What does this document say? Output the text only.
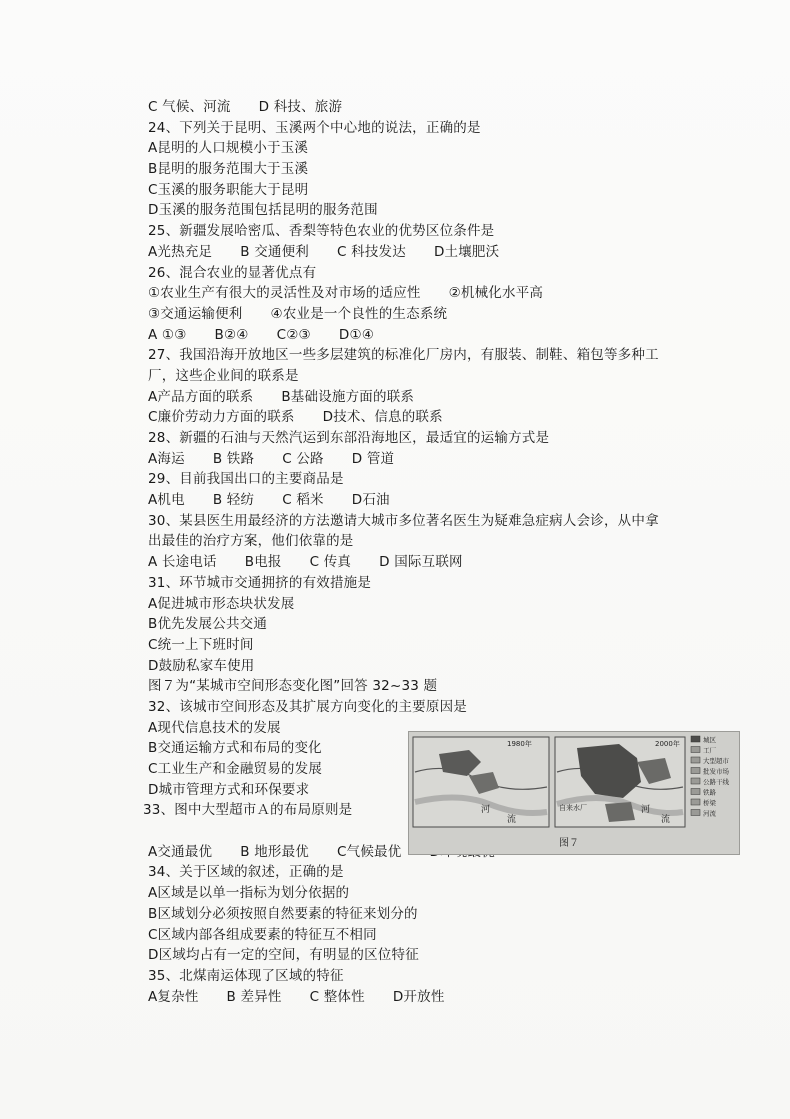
C 气候、河流 D 科技、旅游
24、下列关于昆明、玉溪两个中心地的说法，正确的是
A昆明的人口规模小于玉溪
B昆明的服务范围大于玉溪
C玉溪的服务职能大于昆明
D玉溪的服务范围包括昆明的服务范围
25、新疆发展哈密瓜、香梨等特色农业的优势区位条件是
A光热充足 B 交通便利 C 科技发达 D土壤肥沃
26、混合农业的显著优点有
①农业生产有很大的灵活性及对市场的适应性 ②机械化水平高
③交通运输便利 ④农业是一个良性的生态系统
A ①③ B②④ C②③ D①④
27、我国沿海开放地区一些多层建筑的标准化厂房内，有服装、制鞋、箱包等多种工
厂，这些企业间的联系是
A产品方面的联系 B基础设施方面的联系
C廉价劳动力方面的联系 D技术、信息的联系
28、新疆的石油与天然汽运到东部沿海地区，最适宜的运输方式是
A海运 B 铁路 C 公路 D 管道
29、目前我国出口的主要商品是
A机电 B 轻纺 C 稻米 D石油
30、某县医生用最经济的方法邀请大城市多位著名医生为疑难急症病人会诊，从中拿
出最佳的治疗方案，他们依靠的是
A 长途电话 B电报 C 传真 D 国际互联网
31、环节城市交通拥挤的有效措施是
A促进城市形态块状发展
B优先发展公共交通
C统一上下班时间
D鼓励私家车使用
图７为“某城市空间形态变化图”回答 32~33 题
32、该城市空间形态及其扩展方向变化的主要原因是
A现代信息技术的发展
B交通运输方式和布局的变化
C工业生产和金融贸易的发展
D城市管理方式和环保要求
33、图中大型超市Ａ的布局原则是
A交通最优 B 地形最优 C气候最优
34、关于区域的叙述，正确的是
A区域是以单一指标为划分依据的
B区域划分必须按照自然要素的特征来划分的
C区域内部各组成要素的特征互不相同
D区域均占有一定的空间，有明显的区位特征
35、北煤南运体现了区域的特征
A复杂性 B 差异性 C 整体性 D开放性
1980年
河
流
2000年
自来水厂	河
流
城区
工厂
大型超市
批发市场
公路干线
铁路
桥梁
河流
图７
